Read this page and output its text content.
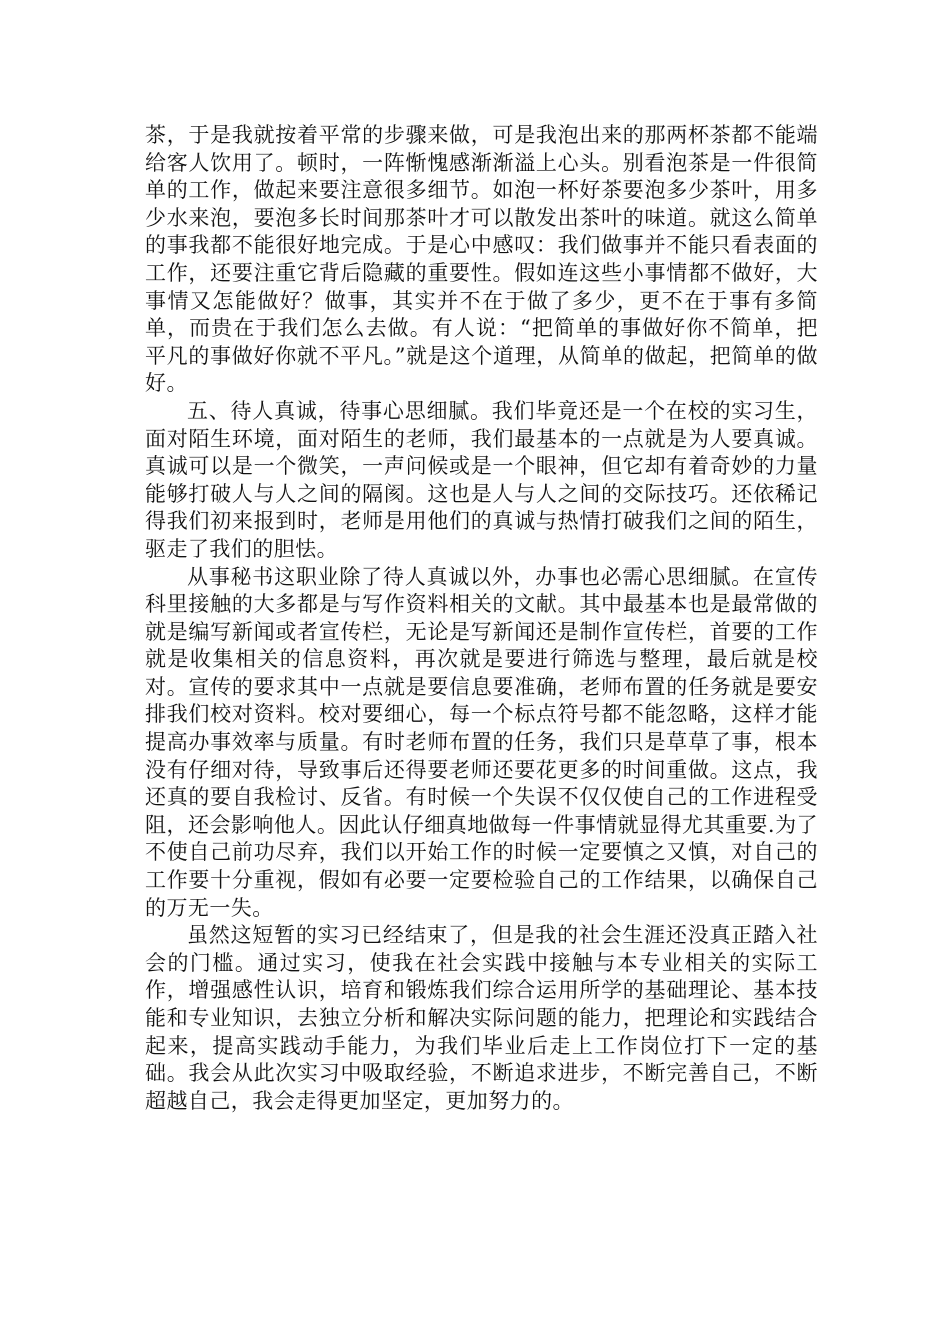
茶，于是我就按着平常的步骤来做，可是我泡出来的那两杯茶都不能端给客人饮用了。顿时，一阵惭愧感渐渐溢上心头。别看泡茶是一件很简单的工作，做起来要注意很多细节。如泡一杯好茶要泡多少茶叶，用多少水来泡，要泡多长时间那茶叶才可以散发出茶叶的味道。就这么简单的事我都不能很好地完成。于是心中感叹：我们做事并不能只看表面的工作，还要注重它背后隐藏的重要性。假如连这些小事情都不做好，大事情又怎能做好？做事，其实并不在于做了多少，更不在于事有多简单，而贵在于我们怎么去做。有人说：“把简单的事做好你不简单，把平凡的事做好你就不平凡。”就是这个道理，从简单的做起，把简单的做好。

五、待人真诚，待事心思细腻。我们毕竟还是一个在校的实习生，面对陌生环境，面对陌生的老师，我们最基本的一点就是为人要真诚。真诚可以是一个微笑，一声问候或是一个眼神，但它却有着奇妙的力量能够打破人与人之间的隔阂。这也是人与人之间的交际技巧。还依稀记得我们初来报到时，老师是用他们的真诚与热情打破我们之间的陌生，驱走了我们的胆怯。

从事秘书这职业除了待人真诚以外，办事也必需心思细腻。在宣传科里接触的大多都是与写作资料相关的文献。其中最基本也是最常做的就是编写新闻或者宣传栏，无论是写新闻还是制作宣传栏，首要的工作就是收集相关的信息资料，再次就是要进行筛选与整理，最后就是校对。宣传的要求其中一点就是要信息要准确，老师布置的任务就是要安排我们校对资料。校对要细心，每一个标点符号都不能忽略，这样才能提高办事效率与质量。有时老师布置的任务，我们只是草草了事，根本没有仔细对待，导致事后还得要老师还要花更多的时间重做。这点，我还真的要自我检讨、反省。有时候一个失误不仅仅使自己的工作进程受阻，还会影响他人。因此认仔细真地做每一件事情就显得尤其重要.为了不使自己前功尽弃，我们以开始工作的时候一定要慎之又慎，对自己的工作要十分重视，假如有必要一定要检验自己的工作结果，以确保自己的万无一失。

虽然这短暂的实习已经结束了，但是我的社会生涯还没真正踏入社会的门槛。通过实习，使我在社会实践中接触与本专业相关的实际工作，增强感性认识，培育和锻炼我们综合运用所学的基础理论、基本技能和专业知识，去独立分析和解决实际问题的能力，把理论和实践结合起来，提高实践动手能力，为我们毕业后走上工作岗位打下一定的基础。我会从此次实习中吸取经验，不断追求进步，不断完善自己，不断超越自己，我会走得更加坚定，更加努力的。
